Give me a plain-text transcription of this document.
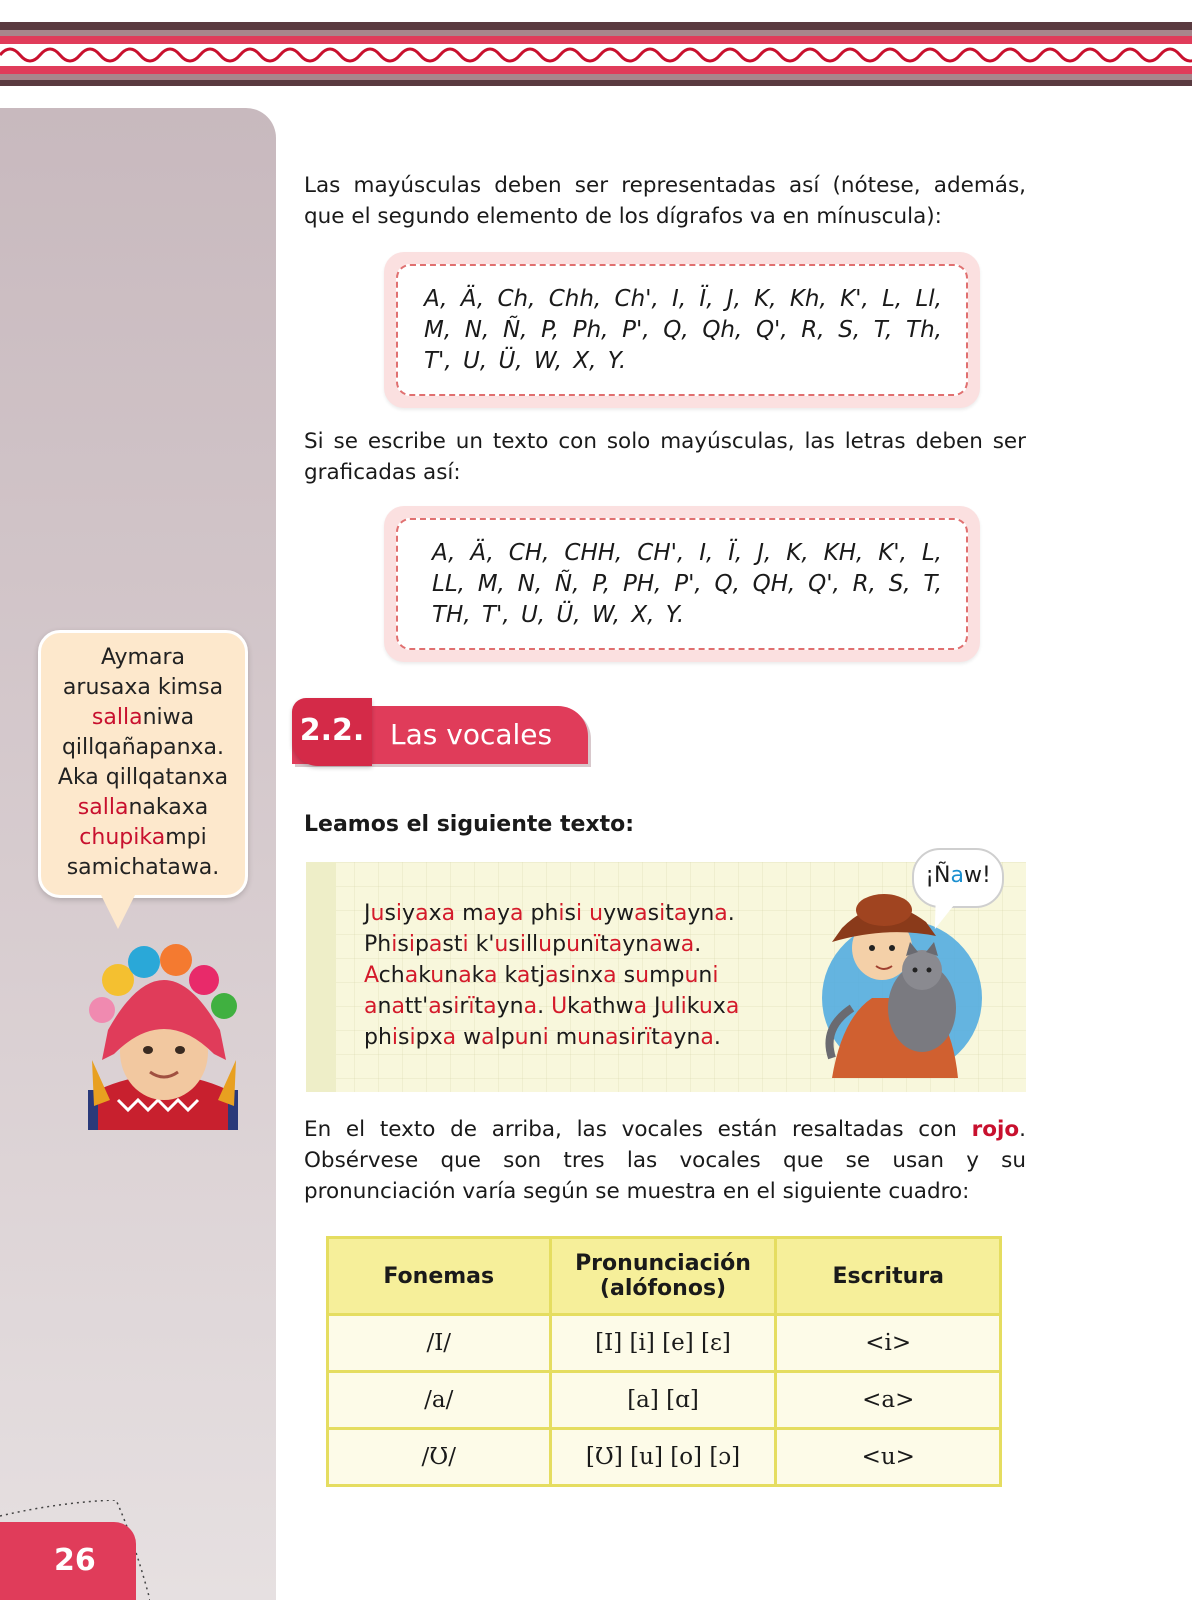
Aymara
arusaxa kimsa
sallaniwa
qillqañapanxa.
Aka qillqatanxa
sallanakaxa
chupikampi
samichatawa.
26
Las mayúsculas deben ser representadas así (nótese, además, que el segundo elemento de los dígrafos va en mínuscula):
A, Ä, Ch, Chh, Ch', I, Ï, J, K, Kh, K', L, Ll, M, N, Ñ, P, Ph, P', Q, Qh, Q', R, S, T, Th, T', U, Ü, W, X, Y.
Si se escribe un texto con solo mayúsculas, las letras deben ser graficadas así:
A, Ä, CH, CHH, CH', I, Ï, J, K, KH, K', L, LL, M, N, Ñ, P, PH, P', Q, QH, Q', R, S, T, TH, T', U, Ü, W, X, Y.
2.2. Las vocales
Leamos el siguiente texto:
Jusiyaxa maya phisi uywasitayna.
Phisipasti k'usillupunïtaynawa.
Achakunaka katjasinxa sumpuni
anatt'asirïtayna. Ukathwa Julikuxa
phisipxa walpuni munasirïtayna.
¡Ñaw!
En el texto de arriba, las vocales están resaltadas con rojo. Obsérvese que son tres las vocales que se usan y su pronunciación varía según se muestra en el siguiente cuadro:
Fonemas	Pronunciación (alófonos)	Escritura
/I/	[I] [i] [e] [ɛ]	<i>
/a/	[a] [ɑ]	<a>
/Ʊ/	[Ʊ] [u] [o] [ɔ]	<u>
